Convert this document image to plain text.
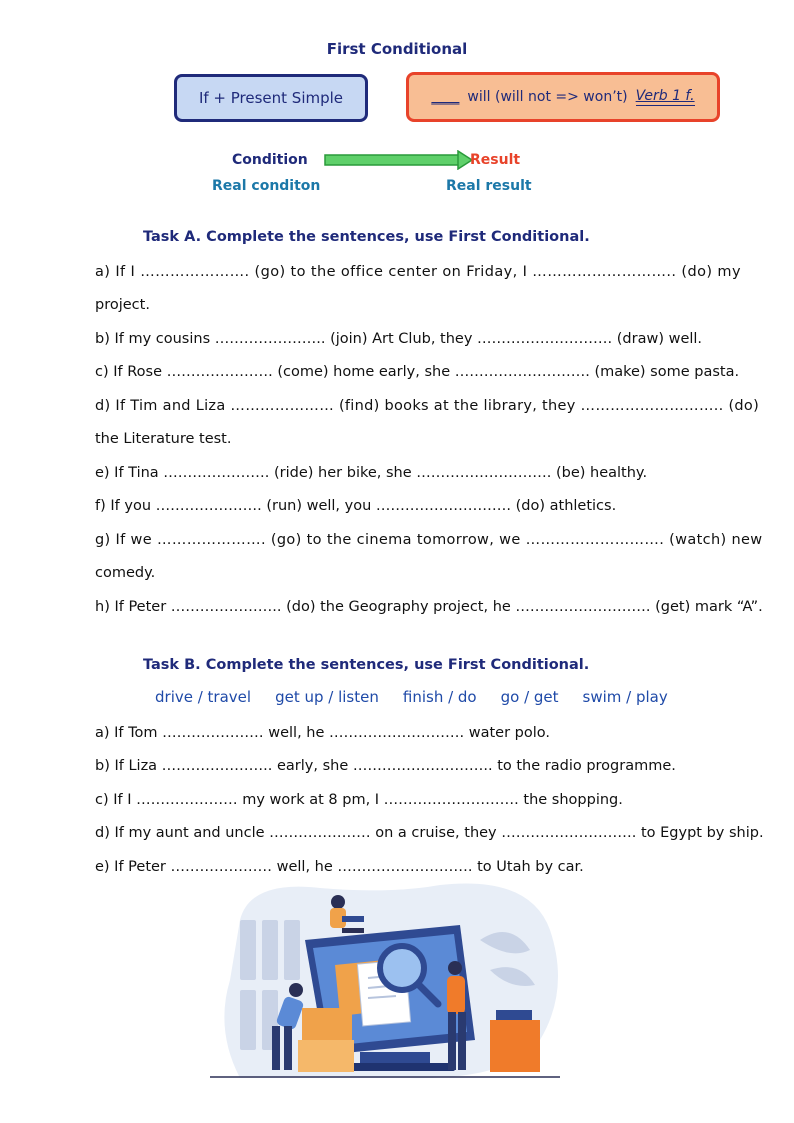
First Conditional
If + Present Simple	____ will (will not => won’t) Verb 1 f.
Condition	Result
Real conditon	Real result
Task A. Complete the sentences, use First Conditional.
a) If I …………………. (go) to the office center on Friday, I ……………………….. (do) my
project.
b) If my cousins ………………….. (join) Art Club, they ………………………. (draw) well.
c) If Rose …………………. (come) home early, she ………………………. (make) some pasta.
d) If Tim and Liza ………………… (find) books at the library, they ……………………….. (do)
the Literature test.
e) If Tina …………………. (ride) her bike, she ………………………. (be) healthy.
f) If you …………………. (run) well, you ………………………. (do) athletics.
g) If we …………………. (go) to the cinema tomorrow, we ………………………. (watch) new
comedy.
h) If Peter ………………….. (do) the Geography project, he ………………………. (get) mark “A”.
Task B. Complete the sentences, use First Conditional.
drive / travel get up / listen finish / do go / get swim / play
a) If Tom ………………… well, he ………………………. water polo.
b) If Liza ………………….. early, she ……………………….. to the radio programme.
c) If I ………………… my work at 8 pm, I ………………………. the shopping.
d) If my aunt and uncle ………………… on a cruise, they ………………………. to Egypt by ship.
e) If Peter ………………… well, he ………………………. to Utah by car.
